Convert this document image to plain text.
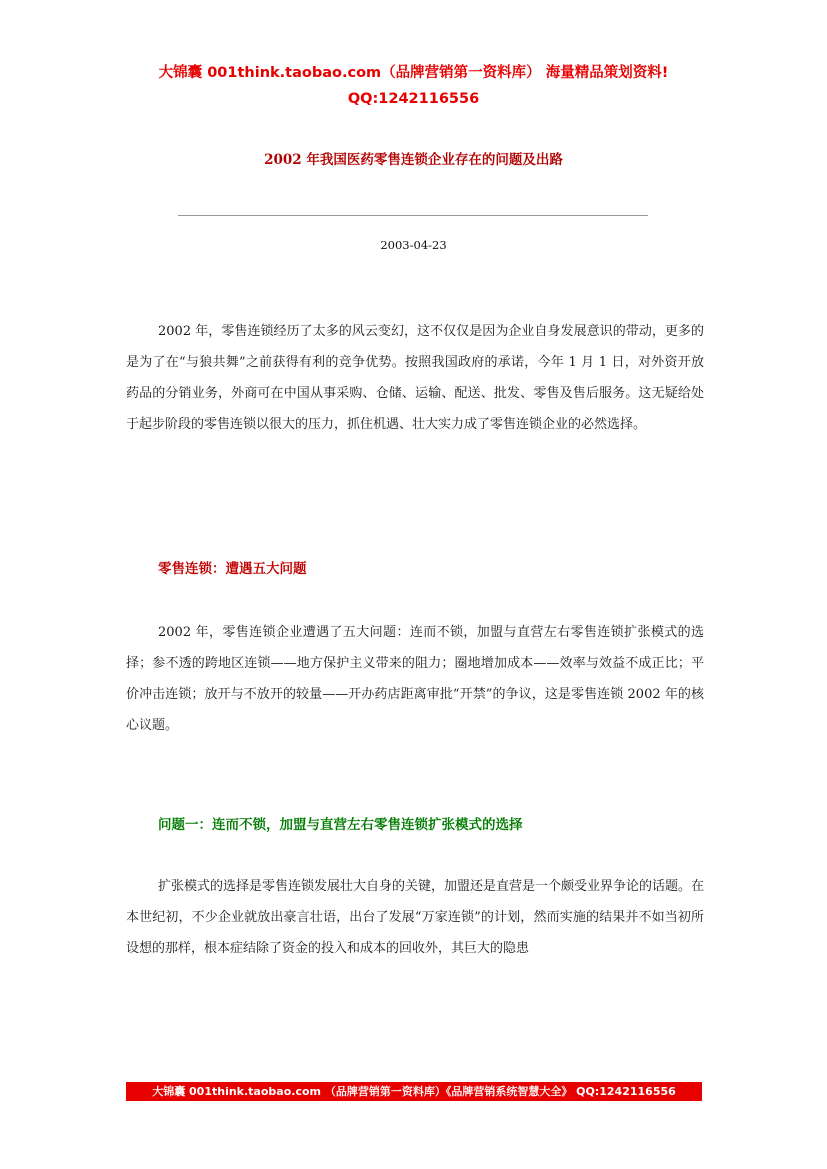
大锦囊 001think.taobao.com（品牌营销第一资料库） 海量精品策划资料!
QQ:1242116556
2002 年我国医药零售连锁企业存在的问题及出路
2003-04-23

2002 年，零售连锁经历了太多的风云变幻，这不仅仅是因为企业自身发展意识的带动，更多的是为了在“与狼共舞”之前获得有利的竞争优势。按照我国政府的承诺，今年 1 月 1 日，对外资开放药品的分销业务，外商可在中国从事采购、仓储、运输、配送、批发、零售及售后服务。这无疑给处于起步阶段的零售连锁以很大的压力，抓住机遇、壮大实力成了零售连锁企业的必然选择。

零售连锁：遭遇五大问题

2002 年，零售连锁企业遭遇了五大问题：连而不锁，加盟与直营左右零售连锁扩张模式的选择；参不透的跨地区连锁——地方保护主义带来的阻力；圈地增加成本——效率与效益不成正比；平价冲击连锁；放开与不放开的较量——开办药店距离审批“开禁”的争议，这是零售连锁 2002 年的核心议题。

问题一：连而不锁，加盟与直营左右零售连锁扩张模式的选择

扩张模式的选择是零售连锁发展壮大自身的关键，加盟还是直营是一个颇受业界争论的话题。在本世纪初，不少企业就放出豪言壮语，出台了发展“万家连锁”的计划，然而实施的结果并不如当初所设想的那样，根本症结除了资金的投入和成本的回收外，其巨大的隐患

大锦囊 001think.taobao.com （品牌营销第一资料库）《品牌营销系统智慧大全》 QQ:1242116556
